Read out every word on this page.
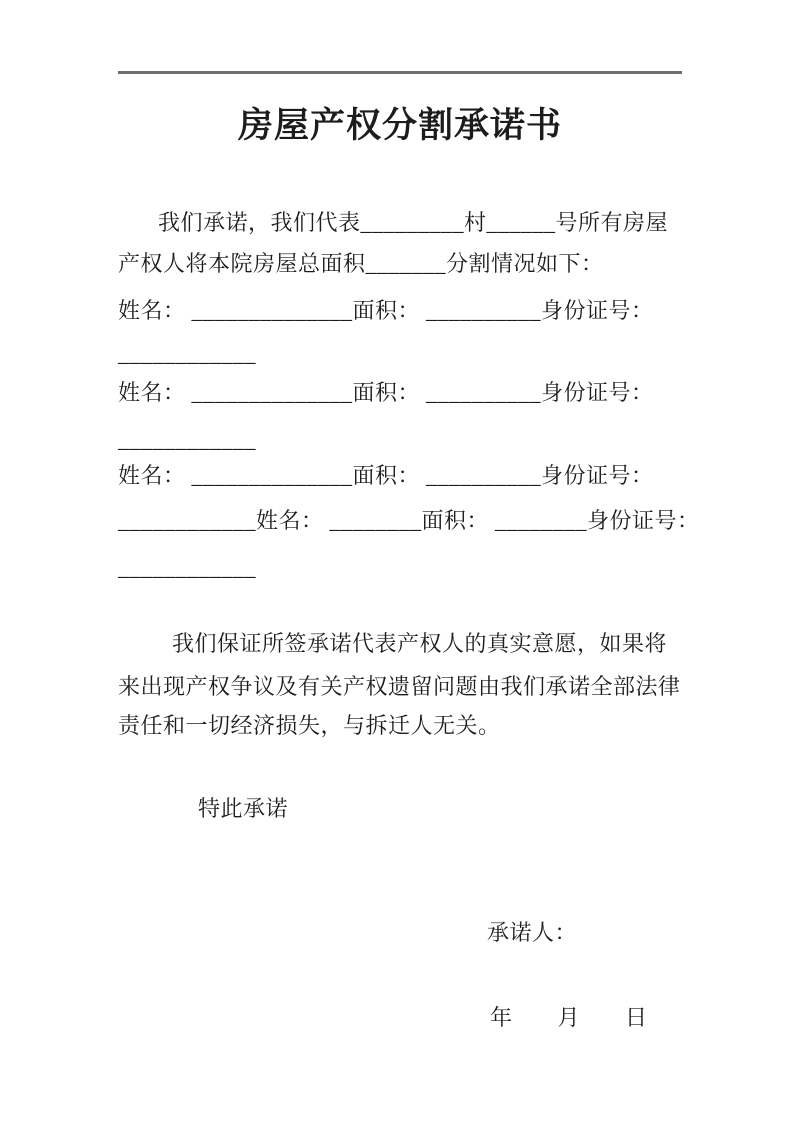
房屋产权分割承诺书
我们承诺，我们代表_________村______号所有房屋
产权人将本院房屋总面积_______分割情况如下：
姓名： ______________面积： __________身份证号：
____________
姓名： ______________面积： __________身份证号：
____________
姓名： ______________面积： __________身份证号：
____________姓名： ________面积： ________身份证号：
____________
我们保证所签承诺代表产权人的真实意愿，如果将
来出现产权争议及有关产权遗留问题由我们承诺全部法律
责任和一切经济损失，与拆迁人无关。
特此承诺
承诺人：
年　　月　　日
